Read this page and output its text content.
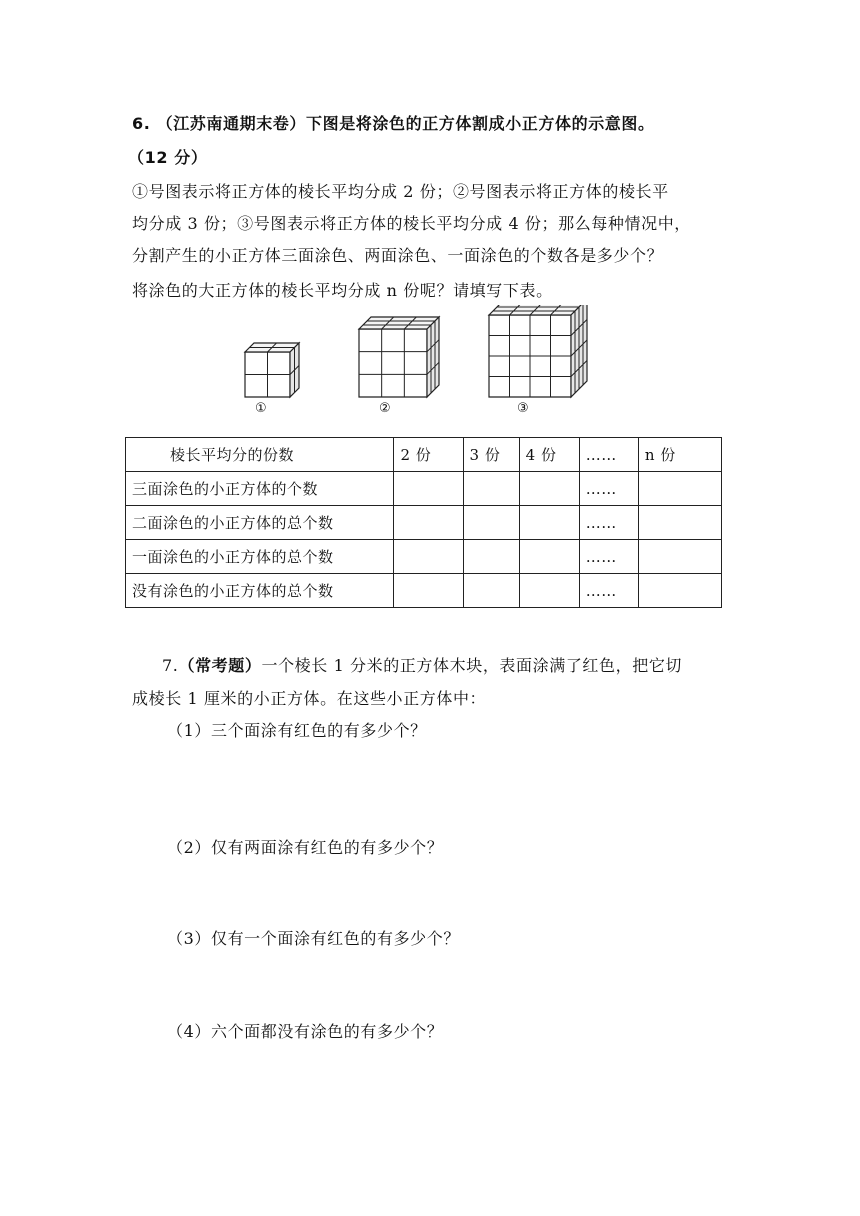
6. （江苏南通期末卷）下图是将涂色的正方体割成小正方体的示意图。
（12 分）
①号图表示将正方体的棱长平均分成 2 份；②号图表示将正方体的棱长平
均分成 3 份；③号图表示将正方体的棱长平均分成 4 份；那么每种情况中，
分割产生的小正方体三面涂色、两面涂色、一面涂色的个数各是多少个？
将涂色的大正方体的棱长平均分成 n 份呢？请填写下表。
①	②	③
棱长平均分的份数	2 份	3 份	4 份	……	n 份
三面涂色的小正方体的个数				……	
二面涂色的小正方体的总个数				……	
一面涂色的小正方体的总个数				……	
没有涂色的小正方体的总个数				……	
7.（常考题）一个棱长 1 分米的正方体木块，表面涂满了红色，把它切
成棱长 1 厘米的小正方体。在这些小正方体中：
（1）三个面涂有红色的有多少个？
（2）仅有两面涂有红色的有多少个？
（3）仅有一个面涂有红色的有多少个？
（4）六个面都没有涂色的有多少个？
